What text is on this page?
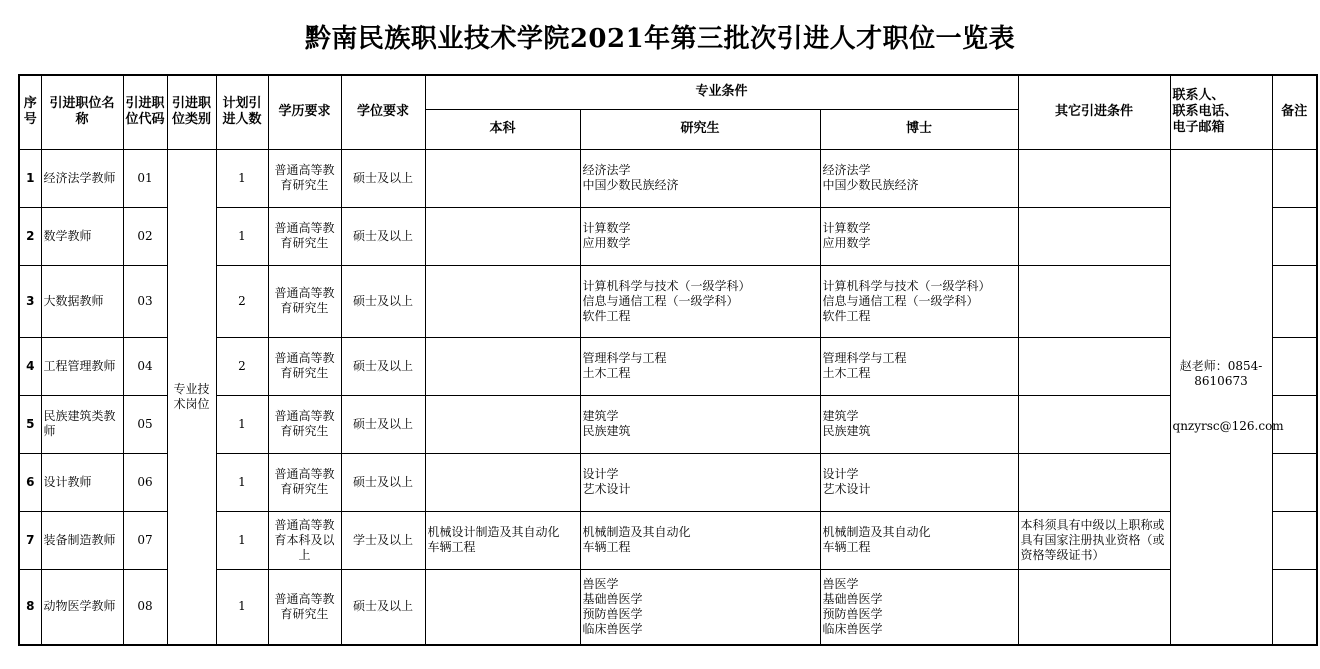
黔南民族职业技术学院2021年第三批次引进人才职位一览表
序号	引进职位名称	引进职位代码	引进职位类别	计划引进人数	学历要求	学位要求	专业条件			其它引进条件	联系人、
联系电话、
电子邮箱	备注
							本科	研究生	博士			
1	经济法学教师	01	专业技术岗位	1	普通高等教育研究生	硕士及以上		经济法学
中国少数民族经济	经济法学
中国少数民族经济		赵老师：0854-8610673

qnzyrsc@126.com	
2	数学教师	02		1	普通高等教育研究生	硕士及以上		计算数学
应用数学	计算数学
应用数学			
3	大数据教师	03		2	普通高等教育研究生	硕士及以上		计算机科学与技术（一级学科）
信息与通信工程（一级学科）
软件工程	计算机科学与技术（一级学科）
信息与通信工程（一级学科）
软件工程			
4	工程管理教师	04		2	普通高等教育研究生	硕士及以上		管理科学与工程
土木工程	管理科学与工程
土木工程			
5	民族建筑类教师	05		1	普通高等教育研究生	硕士及以上		建筑学
民族建筑	建筑学
民族建筑			
6	设计教师	06		1	普通高等教育研究生	硕士及以上		设计学
艺术设计	设计学
艺术设计			
7	装备制造教师	07		1	普通高等教育本科及以上	学士及以上	机械设计制造及其自动化
车辆工程	机械制造及其自动化
车辆工程	机械制造及其自动化
车辆工程	本科须具有中级以上职称或具有国家注册执业资格（或资格等级证书）		
8	动物医学教师	08		1	普通高等教育研究生	硕士及以上		兽医学
基础兽医学
预防兽医学
临床兽医学	兽医学
基础兽医学
预防兽医学
临床兽医学			
